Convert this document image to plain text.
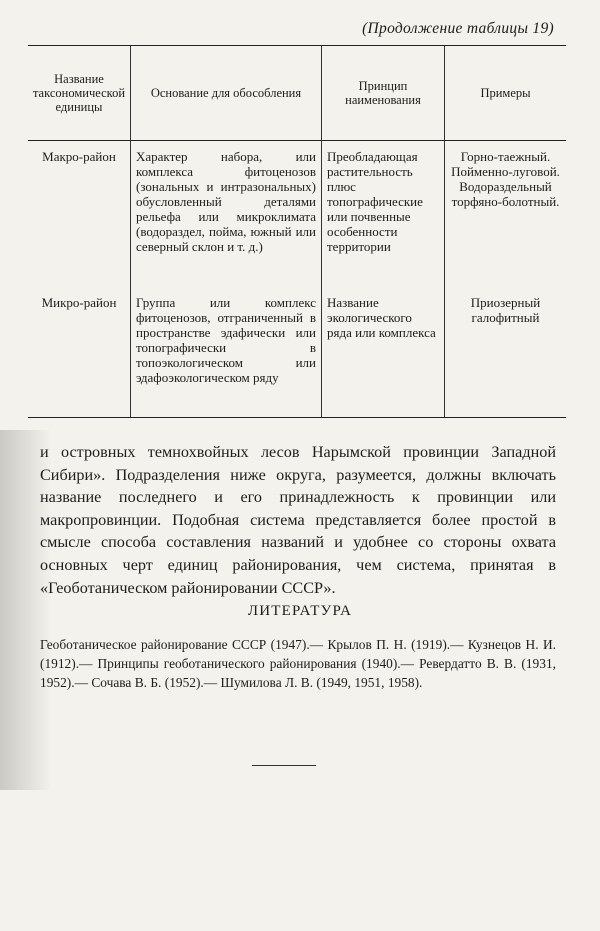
(Продолжение таблицы 19)
Название таксономической единицы	Основание для обособления	Принцип наименования	Примеры
Макро-район	Характер набора, или комплекса фитоценозов (зональных и интразональных) обусловленный деталями рельефа или микроклимата (водораздел, пойма, южный или северный склон и т. д.)	Преобладающая растительность плюс топографические или почвенные особенности территории	Горно-таежный. Пойменно-луговой. Водораздельный торфяно-болотный.
Микро-район	Группа или комплекс фитоценозов, отграниченный в пространстве эдафически или топографически в топоэкологическом или эдафоэкологическом ряду	Название экологического ряда или комплекса	Приозерный галофитный

и островных темнохвойных лесов Нарымской провинции Западной Сибири». Подразделения ниже округа, разумеется, должны включать название последнего и его принадлежность к провинции или макропровинции. Подобная система представляется более простой в смысле способа составления названий и удобнее со стороны охвата основных черт единиц районирования, чем система, принятая в «Геоботаническом районировании СССР».

ЛИТЕРАТУРА

Геоботаническое районирование СССР (1947).— Крылов П. Н. (1919).— Кузнецов Н. И. (1912).— Принципы геоботанического районирования (1940).— Ревердатто В. В. (1931, 1952).— Сочава В. Б. (1952).— Шумилова Л. В. (1949, 1951, 1958).
